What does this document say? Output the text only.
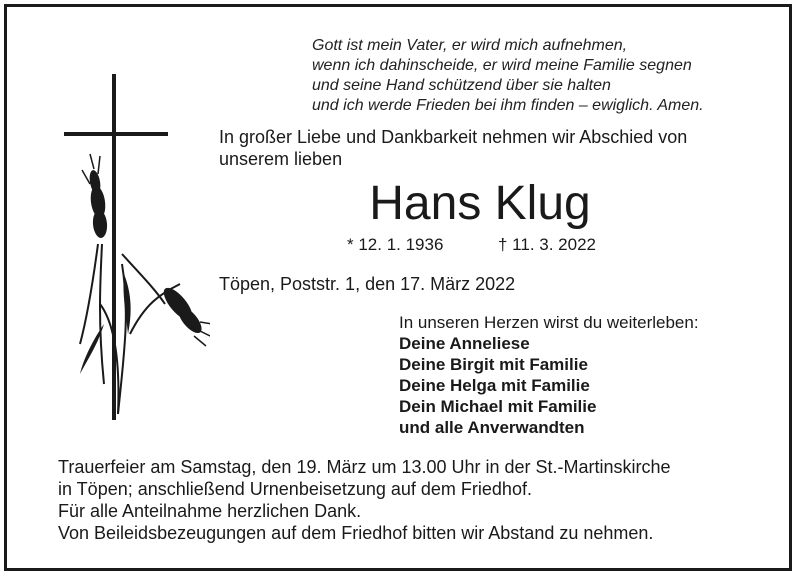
Gott ist mein Vater, er wird mich aufnehmen,
wenn ich dahinscheide, er wird meine Familie segnen
und seine Hand schützend über sie halten
und ich werde Frieden bei ihm finden – ewiglich. Amen.
In großer Liebe und Dankbarkeit nehmen wir Abschied von
unserem lieben
Hans Klug
* 12. 1. 1936	† 11. 3. 2022
Töpen, Poststr. 1, den 17. März 2022
In unseren Herzen wirst du weiterleben:
Deine Anneliese
Deine Birgit mit Familie
Deine Helga mit Familie
Dein Michael mit Familie
und alle Anverwandten
Trauerfeier am Samstag, den 19. März um 13.00 Uhr in der St.-Martinskirche
in Töpen; anschließend Urnenbeisetzung auf dem Friedhof.
Für alle Anteilnahme herzlichen Dank.
Von Beileidsbezeugungen auf dem Friedhof bitten wir Abstand zu nehmen.
